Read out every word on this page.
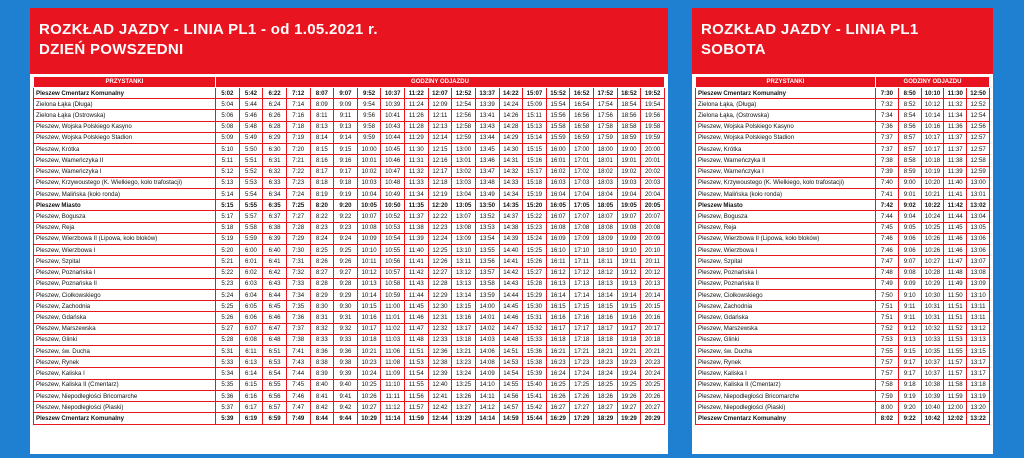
ROZKŁAD JAZDY - LINIA PL1 - od 1.05.2021 r.
DZIEŃ POWSZEDNI
PRZYSTANKI	GODZINY ODJAZDU																		
Pleszew Cmentarz Komunalny	5:02	5:42	6:22	7:12	8:07	9:07	9:52	10:37	11:22	12:07	12:52	13:37	14:22	15:07	15:52	16:52	17:52	18:52	19:52
Zielona Łąka (Długa)	5:04	5:44	6:24	7:14	8:09	9:09	9:54	10:39	11:24	12:09	12:54	13:39	14:24	15:09	15:54	16:54	17:54	18:54	19:54
Zielona Łąka (Ostrowska)	5:06	5:46	6:26	7:16	8:11	9:11	9:56	10:41	11:26	12:11	12:56	13:41	14:26	15:11	15:56	16:56	17:56	18:56	19:56
Pleszew, Wojska Polskiego Kasyno	5:08	5:48	6:28	7:18	8:13	9:13	9:58	10:43	11:28	12:13	12:58	13:43	14:28	15:13	15:58	16:58	17:58	18:58	19:58
Pleszew, Wojska Polskiego Stadion	5:09	5:49	6:29	7:19	8:14	9:14	9:59	10:44	11:29	12:14	12:59	13:44	14:29	15:14	15:59	16:59	17:59	18:59	19:59
Pleszew, Krótka	5:10	5:50	6:30	7:20	8:15	9:15	10:00	10:45	11:30	12:15	13:00	13:45	14:30	15:15	16:00	17:00	18:00	19:00	20:00
Pleszew, Wamеńczyka II	5:11	5:51	6:31	7:21	8:16	9:16	10:01	10:46	11:31	12:16	13:01	13:46	14:31	15:16	16:01	17:01	18:01	19:01	20:01
Pleszew, Wamеńczyka I	5:12	5:52	6:32	7:22	8:17	9:17	10:02	10:47	11:32	12:17	13:02	13:47	14:32	15:17	16:02	17:02	18:02	19:02	20:02
Pleszew, Krzywoustego (K. Wielkiego, koło trafostacji)	5:13	5:53	6:33	7:23	8:18	9:18	10:03	10:48	11:33	12:18	13:03	13:48	14:33	15:18	16:03	17:03	18:03	19:03	20:03
Pleszew, Malińska (koło ronda)	5:14	5:54	6:34	7:24	8:19	9:19	10:04	10:49	11:34	12:19	13:04	13:49	14:34	15:19	16:04	17:04	18:04	19:04	20:04
Pleszew Miasto	5:15	5:55	6:35	7:25	8:20	9:20	10:05	10:50	11:35	12:20	13:05	13:50	14:35	15:20	16:05	17:05	18:05	19:05	20:05
Pleszew, Bogusza	5:17	5:57	6:37	7:27	8:22	9:22	10:07	10:52	11:37	12:22	13:07	13:52	14:37	15:22	16:07	17:07	18:07	19:07	20:07
Pleszew, Reja	5:18	5:58	6:38	7:28	8:23	9:23	10:08	10:53	11:38	12:23	13:08	13:53	14:38	15:23	16:08	17:08	18:08	19:08	20:08
Pleszew, Wierzbowa II (Lipowa, koło bloków)	5:19	5:59	6:39	7:29	8:24	9:24	10:09	10:54	11:39	12:24	13:09	13:54	14:39	15:24	16:09	17:09	18:09	19:09	20:09
Pleszew, Wierzbowa I	5:20	6:00	6:40	7:30	8:25	9:25	10:10	10:55	11:40	12:25	13:10	13:55	14:40	15:25	16:10	17:10	18:10	19:10	20:10
Pleszew, Szpital	5:21	6:01	6:41	7:31	8:26	9:26	10:11	10:56	11:41	12:26	13:11	13:56	14:41	15:26	16:11	17:11	18:11	19:11	20:11
Pleszew, Poznańska I	5:22	6:02	6:42	7:32	8:27	9:27	10:12	10:57	11:42	12:27	13:12	13:57	14:42	15:27	16:12	17:12	18:12	19:12	20:12
Pleszew, Poznańska II	5:23	6:03	6:43	7:33	8:28	9:28	10:13	10:58	11:43	12:28	13:13	13:58	14:43	15:28	16:13	17:13	18:13	19:13	20:13
Pleszew, Ciołkowskiego	5:24	6:04	6:44	7:34	8:29	9:29	10:14	10:59	11:44	12:29	13:14	13:59	14:44	15:29	16:14	17:14	18:14	19:14	20:14
Pleszew, Zachodnia	5:25	6:05	6:45	7:35	8:30	9:30	10:15	11:00	11:45	12:30	13:15	14:00	14:45	15:30	16:15	17:15	18:15	19:15	20:15
Pleszew, Gdańska	5:26	6:06	6:46	7:36	8:31	9:31	10:16	11:01	11:46	12:31	13:16	14:01	14:46	15:31	16:16	17:16	18:16	19:16	20:16
Pleszew, Marszewska	5:27	6:07	6:47	7:37	8:32	9:32	10:17	11:02	11:47	12:32	13:17	14:02	14:47	15:32	16:17	17:17	18:17	19:17	20:17
Pleszew, Glinki	5:28	6:08	6:48	7:38	8:33	9:33	10:18	11:03	11:48	12:33	13:18	14:03	14:48	15:33	16:18	17:18	18:18	19:18	20:18
Pleszew, św. Ducha	5:31	6:11	6:51	7:41	8:36	9:36	10:21	11:06	11:51	12:36	13:21	14:06	14:51	15:36	16:21	17:21	18:21	19:21	20:21
Pleszew, Rynek	5:33	6:13	6:53	7:43	8:38	9:38	10:23	11:08	11:53	12:38	13:23	14:08	14:53	15:38	16:23	17:23	18:23	19:23	20:23
Pleszew, Kaliska I	5:34	6:14	6:54	7:44	8:39	9:39	10:24	11:09	11:54	12:39	13:24	14:09	14:54	15:39	16:24	17:24	18:24	19:24	20:24
Pleszew, Kaliska II (Cmentarz)	5:35	6:15	6:55	7:45	8:40	9:40	10:25	11:10	11:55	12:40	13:25	14:10	14:55	15:40	16:25	17:25	18:25	19:25	20:25
Pleszew, Niepodległości Bricomarche	5:36	6:16	6:56	7:46	8:41	9:41	10:26	11:11	11:56	12:41	13:26	14:11	14:56	15:41	16:26	17:26	18:26	19:26	20:26
Pleszew, Niepodległości (Piaski)	5:37	6:17	6:57	7:47	8:42	9:42	10:27	11:12	11:57	12:42	13:27	14:12	14:57	15:42	16:27	17:27	18:27	19:27	20:27
Pleszew Cmentarz Komunalny	5:39	6:19	6:59	7:49	8:44	9:44	10:29	11:14	11:59	12:44	13:29	14:14	14:59	15:44	16:29	17:29	18:29	19:29	20:29
ROZKŁAD JAZDY - LINIA PL1
SOBOTA
PRZYSTANKI	GODZINY ODJAZDU				
Pleszew Cmentarz Komunalny	7:30	8:50	10:10	11:30	12:50
Zielona Łąka, (Długa)	7:32	8:52	10:12	11:32	12:52
Zielona Łąka, (Ostrowska)	7:34	8:54	10:14	11:34	12:54
Pleszew, Wojska Polskiego Kasyno	7:36	8:56	10:16	11:36	12:56
Pleszew, Wojska Polskiego Stadion	7:37	8:57	10:17	11:37	12:57
Pleszew, Krótka	7:37	8:57	10:17	11:37	12:57
Pleszew, Warneńczyka II	7:38	8:58	10:18	11:38	12:58
Pleszew, Warneńczyka I	7:39	8:59	10:19	11:39	12:59
Pleszew, Krzywoustego (K. Wielkiego, koło trafostacji)	7:40	9:00	10:20	11:40	13:00
Pleszew, Malińska (koło ronda)	7:41	9:01	10:21	11:41	13:01
Pleszew Miasto	7:42	9:02	10:22	11:42	13:02
Pleszew, Bogusza	7:44	9:04	10:24	11:44	13:04
Pleszew, Reja	7:45	9:05	10:25	11:45	13:05
Pleszew, Wierzbowa II (Lipowa, koło bloków)	7:46	9:06	10:26	11:46	13:06
Pleszew, Wierzbowa I	7:46	9:06	10:26	11:46	13:06
Pleszew, Szpital	7:47	9:07	10:27	11:47	13:07
Pleszew, Poznańska I	7:48	9:08	10:28	11:48	13:08
Pleszew, Poznańska II	7:49	9:09	10:29	11:49	13:09
Pleszew, Ciołkowskiego	7:50	9:10	10:30	11:50	13:10
Pleszew, Zachodnia	7:51	9:11	10:31	11:51	13:11
Pleszew, Gdańska	7:51	9:11	10:31	11:51	13:11
Pleszew, Marszewska	7:52	9:12	10:32	11:52	13:12
Pleszew, Glinki	7:53	9:13	10:33	11:53	13:13
Pleszew, św. Ducha	7:55	9:15	10:35	11:55	13:15
Pleszew, Rynek	7:57	9:17	10:37	11:57	13:17
Pleszew, Kaliska I	7:57	9:17	10:37	11:57	13:17
Pleszew, Kaliska II (Cmentarz)	7:58	9:18	10:38	11:58	13:18
Pleszew, Niepodległości Bricomarche	7:59	9:19	10:39	11:59	13:19
Pleszew, Niepodległości (Piaski)	8:00	9:20	10:40	12:00	13:20
Pleszew Cmentarz Komunalny	8:02	9:22	10:42	12:02	13:22
